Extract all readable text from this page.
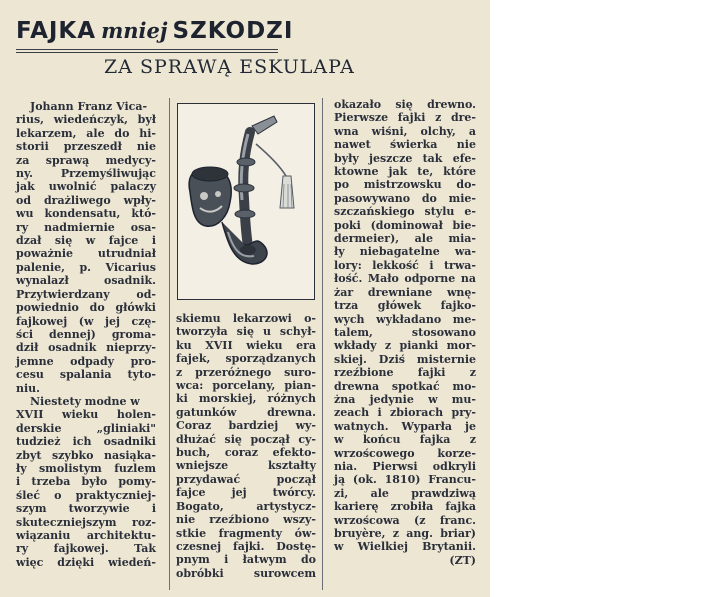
FAJKA mniej SZKODZI
ZA SPRAWĄ ESKULAPA
Johann Franz Vica-
rius, wiedeńczyk, był
lekarzem, ale do hi-
storii przeszedł nie
za sprawą medycy-
ny. Przemyśliwując
jak uwolnić palaczy
od drażliwego wpły-
wu kondensatu, któ-
ry nadmiernie osa-
dzał się w fajce i
poważnie utrudniał
palenie, p. Vicarius
wynalazł osadnik.
Przytwierdzany od-
powiednio do główki
fajkowej (w jej czę-
ści dennej) groma-
dził osadnik nieprzy-
jemne odpady pro-
cesu spalania tyto-
niu.
Niestety modne w
XVII wieku holen-
derskie „gliniaki"
tudzież ich osadniki
zbyt szybko nasiąka-
ły smolistym fuzlem
i trzeba było pomy-
śleć o praktyczniej-
szym tworzywie i
skuteczniejszym roz-
wiązaniu architektu-
ry fajkowej. Tak
więc dzięki wiedeń-
skiemu lekarzowi o-
tworzyła się u schył-
ku XVII wieku era
fajek, sporządzanych
z przeróżnego suro-
wca: porcelany, pian-
ki morskiej, różnych
gatunków drewna.
Coraz bardziej wy-
dłużać się począł cy-
buch, coraz efekto-
wniejsze kształty
przydawać począł
fajce jej twórcy.
Bogato, artystycz-
nie rzeźbiono wszy-
stkie fragmenty ów-
czesnej fajki. Dostę-
pnym i łatwym do
obróbki surowcem
okazało się drewno.
Pierwsze fajki z dre-
wna wiśni, olchy, a
nawet świerka nie
były jeszcze tak efe-
ktowne jak te, które
po mistrzowsku do-
pasowywano do mie-
szczańskiego stylu e-
poki (dominował bie-
dermeier), ale mia-
ły niebagatelne wa-
lory: lekkość i trwa-
łość. Mało odporne na
żar drewniane wnę-
trza główek fajko-
wych wykładano me-
talem, stosowano
wkłady z pianki mor-
skiej. Dziś misternie
rzeźbione fajki z
drewna spotkać mo-
żna jedynie w mu-
zeach i zbiorach pry-
watnych. Wyparła je
w końcu fajka z
wrzoścowego korze-
nia. Pierwsi odkryli
ją (ok. 1810) Francu-
zi, ale prawdziwą
karierę zrobiła fajka
wrzoścowa (z franc.
bruyère, z ang. briar)
w Wielkiej Brytanii.
(ZT)
